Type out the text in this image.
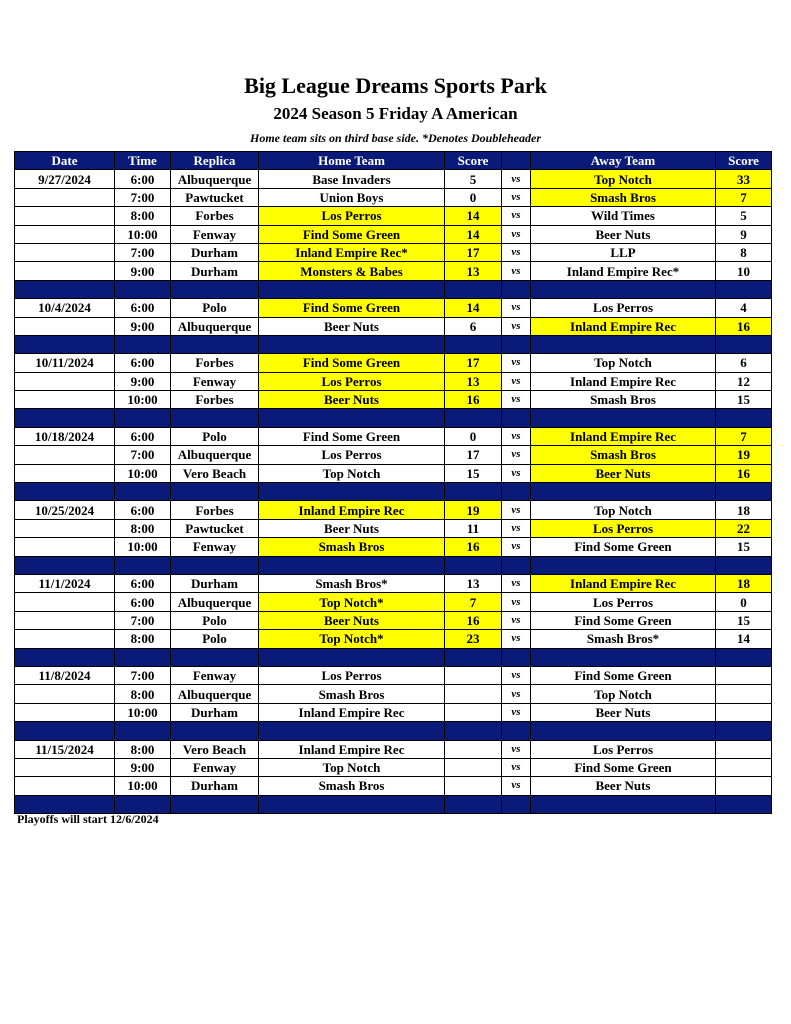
Big League Dreams Sports Park
2024 Season 5 Friday A American
Home team sits on third base side. *Denotes Doubleheader
Date	Time	Replica	Home Team	Score		Away Team	Score
9/27/2024	6:00	Albuquerque	Base Invaders	5	vs	Top Notch	33
	7:00	Pawtucket	Union Boys	0	vs	Smash Bros	7
	8:00	Forbes	Los Perros	14	vs	Wild Times	5
	10:00	Fenway	Find Some Green	14	vs	Beer Nuts	9
	7:00	Durham	Inland Empire Rec*	17	vs	LLP	8
	9:00	Durham	Monsters & Babes	13	vs	Inland Empire Rec*	10

10/4/2024	6:00	Polo	Find Some Green	14	vs	Los Perros	4
	9:00	Albuquerque	Beer Nuts	6	vs	Inland Empire Rec	16

10/11/2024	6:00	Forbes	Find Some Green	17	vs	Top Notch	6
	9:00	Fenway	Los Perros	13	vs	Inland Empire Rec	12
	10:00	Forbes	Beer Nuts	16	vs	Smash Bros	15

10/18/2024	6:00	Polo	Find Some Green	0	vs	Inland Empire Rec	7
	7:00	Albuquerque	Los Perros	17	vs	Smash Bros	19
	10:00	Vero Beach	Top Notch	15	vs	Beer Nuts	16

10/25/2024	6:00	Forbes	Inland Empire Rec	19	vs	Top Notch	18
	8:00	Pawtucket	Beer Nuts	11	vs	Los Perros	22
	10:00	Fenway	Smash Bros	16	vs	Find Some Green	15

11/1/2024	6:00	Durham	Smash Bros*	13	vs	Inland Empire Rec	18
	6:00	Albuquerque	Top Notch*	7	vs	Los Perros	0
	7:00	Polo	Beer Nuts	16	vs	Find Some Green	15
	8:00	Polo	Top Notch*	23	vs	Smash Bros*	14

11/8/2024	7:00	Fenway	Los Perros		vs	Find Some Green	
	8:00	Albuquerque	Smash Bros		vs	Top Notch	
	10:00	Durham	Inland Empire Rec		vs	Beer Nuts	

11/15/2024	8:00	Vero Beach	Inland Empire Rec		vs	Los Perros	
	9:00	Fenway	Top Notch		vs	Find Some Green	
	10:00	Durham	Smash Bros		vs	Beer Nuts	

Playoffs will start 12/6/2024
